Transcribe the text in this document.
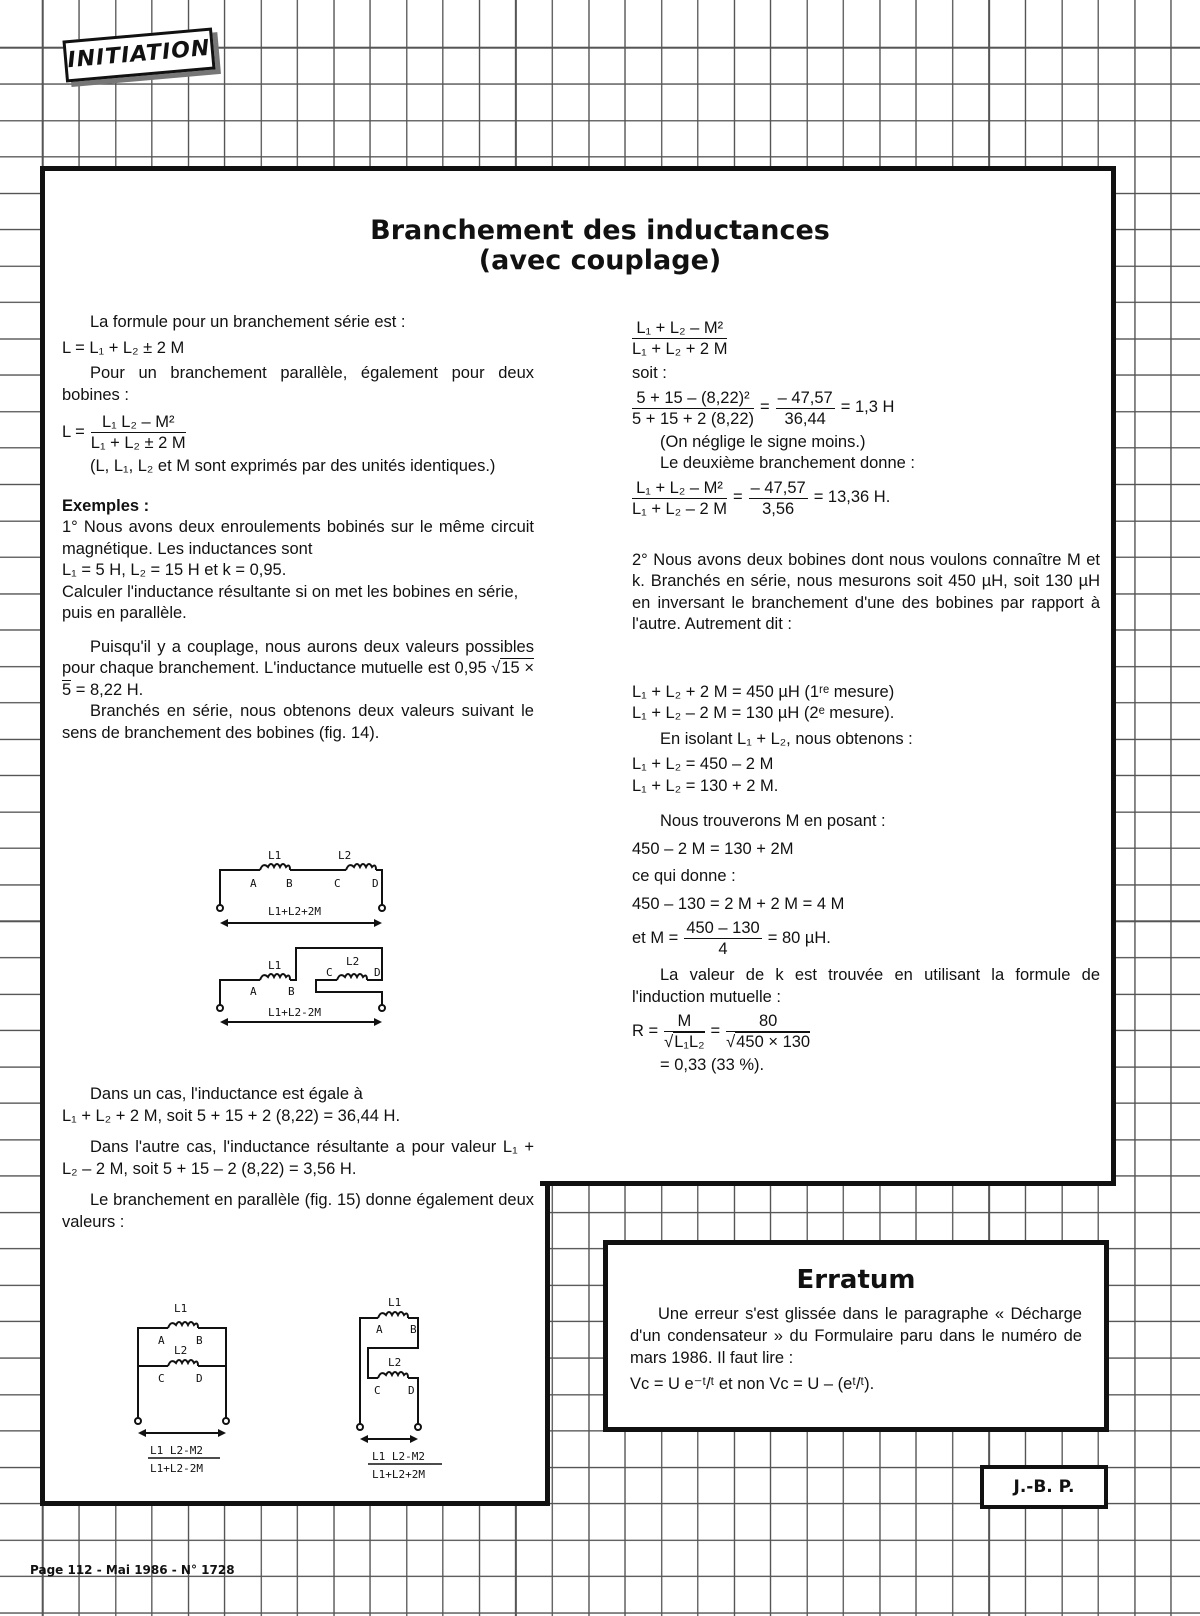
INITIATION
Branchement des inductances
(avec couplage)

La formule pour un branchement série est :

L = L₁ + L₂ ± 2 M

Pour un branchement parallèle, également pour deux bobines :

$L = \frac{\text{L₁ L₂ – M²}}{\text{L₁ + L₂ ± 2 M}}$

(L, L₁, L₂ et M sont exprimés par des unités identiques.)

Exemples :

1° Nous avons deux enroulements bobinés sur le même circuit magnétique. Les inductances sont

L₁ = 5 H, L₂ = 15 H et k = 0,95.

Calculer l'inductance résultante si on met les bobines en série, puis en parallèle.

Puisqu'il y a couplage, nous aurons deux valeurs possibles pour chaque branchement. L'inductance mutuelle est 0,95 √15 × 5 = 8,22 H.

Branchés en série, nous obtenons deux valeurs suivant le sens de branchement des bobines (fig. 14).

L1	L2
A	B	C	D
L1+L2+2M
L1	L2
A	B
C	D
L1+L2-2M

Dans un cas, l'inductance est égale à

L₁ + L₂ + 2 M, soit 5 + 15 + 2 (8,22) = 36,44 H.

Dans l'autre cas, l'inductance résultante a pour valeur L₁ + L₂ – 2 M, soit 5 + 15 – 2 (8,22) = 3,56 H.

Le branchement en parallèle (fig. 15) donne également deux valeurs :

L1
A	B
L2
C	D
L1 L2-M2
L1+L2-2M
L1
A B
L2
C D
L1 L2-M2
L1+L2+2M
$\frac{\text{L₁ + L₂ – M²}}{\text{L₁ + L₂ + 2 M}}$

soit :

$\frac{\text{5 + 15 – (8,22)²}}{5 + 15 + 2 (8,22)} = \frac{- 47,57}{36,44} = 1,3$ H

(On néglige le signe moins.)

Le deuxième branchement donne :

$\frac{\text{L₁ + L₂ – M²}}{\text{L₁ + L₂ – 2 M}} = \frac{- 47,57}{3,56} = 13,36$ H.

2° Nous avons deux bobines dont nous voulons connaître M et k. Branchés en série, nous mesurons soit 450 µH, soit 130 µH en inversant le branchement d'une des bobines par rapport à l'autre. Autrement dit :

L₁ + L₂ + 2 M = 450 µH (1ʳᵉ mesure)

L₁ + L₂ – 2 M = 130 µH (2ᵉ mesure).

En isolant L₁ + L₂, nous obtenons :

L₁ + L₂ = 450 – 2 M

L₁ + L₂ = 130 + 2 M.

Nous trouverons M en posant :

450 – 2 M = 130 + 2M

ce qui donne :

450 – 130 = 2 M + 2 M = 4 M

et $M = \frac{450 - 130}{4} = 80$ µH.

La valeur de k est trouvée en utilisant la formule de l'induction mutuelle :

$R = \frac{M}{\text{√L₁L₂}} = \frac{80}{√450 \times 130}$

= 0,33 (33 %).

Erratum

Une erreur s'est glissée dans le paragraphe « Décharge d'un condensateur » du Formulaire paru dans le numéro de mars 1986. Il faut lire :

Vc = U e⁻ᵗ/ᵗ et non Vc = U – (eᵗ/ᵗ).

J.-B. P.
Page 112 - Mai 1986 - N° 1728
